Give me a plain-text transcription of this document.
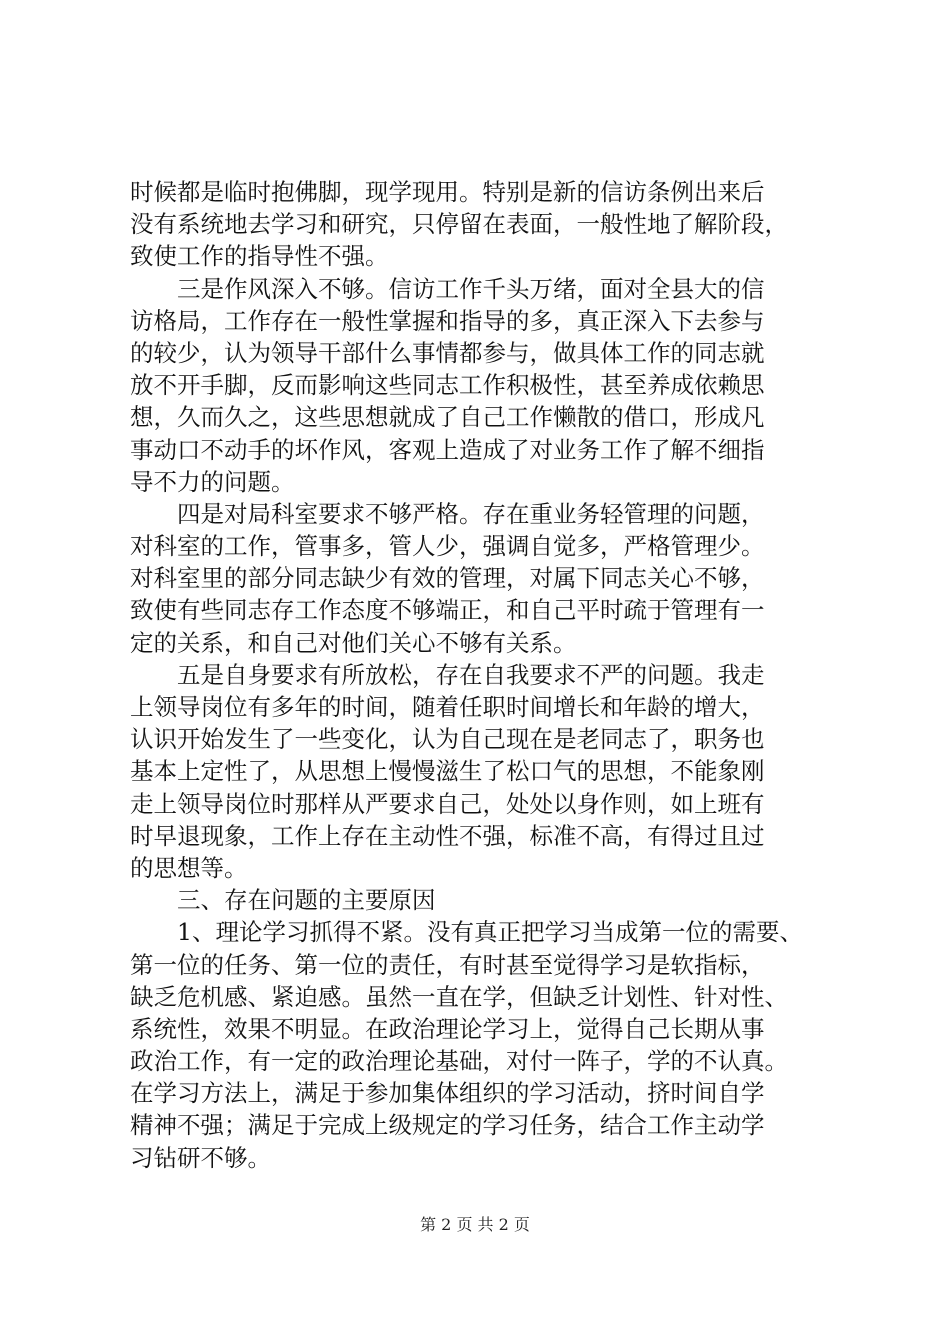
时候都是临时抱佛脚，现学现用。特别是新的信访条例出来后
没有系统地去学习和研究，只停留在表面，一般性地了解阶段，
致使工作的指导性不强。
三是作风深入不够。信访工作千头万绪，面对全县大的信
访格局，工作存在一般性掌握和指导的多，真正深入下去参与
的较少，认为领导干部什么事情都参与，做具体工作的同志就
放不开手脚，反而影响这些同志工作积极性，甚至养成依赖思
想，久而久之，这些思想就成了自己工作懒散的借口，形成凡
事动口不动手的坏作风，客观上造成了对业务工作了解不细指
导不力的问题。
四是对局科室要求不够严格。存在重业务轻管理的问题，
对科室的工作，管事多，管人少，强调自觉多，严格管理少。
对科室里的部分同志缺少有效的管理，对属下同志关心不够，
致使有些同志存工作态度不够端正，和自己平时疏于管理有一
定的关系，和自己对他们关心不够有关系。
五是自身要求有所放松，存在自我要求不严的问题。我走
上领导岗位有多年的时间，随着任职时间增长和年龄的增大，
认识开始发生了一些变化，认为自己现在是老同志了，职务也
基本上定性了，从思想上慢慢滋生了松口气的思想，不能象刚
走上领导岗位时那样从严要求自己，处处以身作则，如上班有
时早退现象，工作上存在主动性不强，标准不高，有得过且过
的思想等。
三、存在问题的主要原因
1、理论学习抓得不紧。没有真正把学习当成第一位的需要、
第一位的任务、第一位的责任，有时甚至觉得学习是软指标，
缺乏危机感、紧迫感。虽然一直在学，但缺乏计划性、针对性、
系统性，效果不明显。在政治理论学习上，觉得自己长期从事
政治工作，有一定的政治理论基础，对付一阵子，学的不认真。
在学习方法上，满足于参加集体组织的学习活动，挤时间自学
精神不强；满足于完成上级规定的学习任务，结合工作主动学
习钻研不够。
第 2 页 共 2 页
